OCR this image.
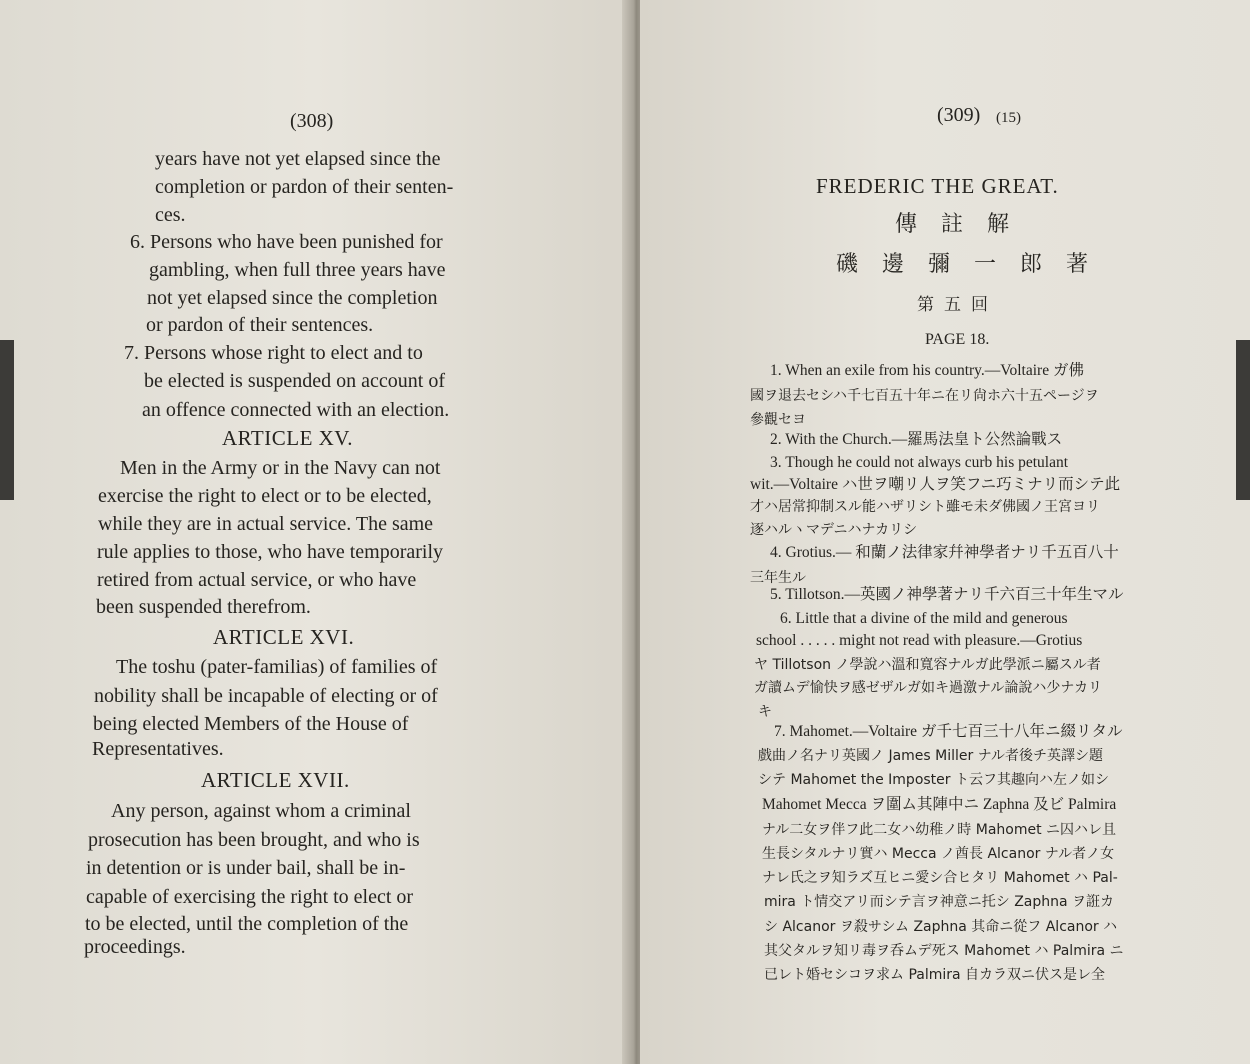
(308)
years have not yet elapsed since the
completion or pardon of their senten-
ces.
6. Persons who have been punished for
gambling, when full three years have
not yet elapsed since the completion
or pardon of their sentences.
7. Persons whose right to elect and to
be elected is suspended on account of
an offence connected with an election.
ARTICLE XV.
Men in the Army or in the Navy can not
exercise the right to elect or to be elected,
while they are in actual service. The same
rule applies to those, who have temporarily
retired from actual service, or who have
been suspended therefrom.
ARTICLE XVI.
The toshu (pater-familias) of families of
nobility shall be incapable of electing or of
being elected Members of the House of
Representatives.
ARTICLE XVII.
Any person, against whom a criminal
prosecution has been brought, and who is
in detention or is under bail, shall be in-
capable of exercising the right to elect or
to be elected, until the completion of the
proceedings.
(309) (15)
FREDERIC THE GREAT.
傳註解
磯邊彌一郎著
第五回
PAGE 18.
1. When an exile from his country.—Voltaire ガ佛
國ヲ退去セシハ千七百五十年ニ在リ尙ホ六十五ページヲ
參觀セヨ
2. With the Church.—羅馬法皇ト公然論戰ス
3. Though he could not always curb his petulant
wit.—Voltaire ハ世ヲ嘲リ人ヲ笑フニ巧ミナリ而シテ此
才ハ居常抑制スル能ハザリシト雖モ未ダ佛國ノ王宮ヨリ
逐ハルヽマデニハナカリシ
4. Grotius.— 和蘭ノ法律家幷神學者ナリ千五百八十
三年生ル
5. Tillotson.—英國ノ神學著ナリ千六百三十年生マル
6. Little that a divine of the mild and generous
school . . . . . might not read with pleasure.—Grotius
ヤ Tillotson ノ學說ハ溫和寬容ナルガ此學派ニ屬スル者
ガ讀ムデ愉快ヲ感ゼザルガ如キ過激ナル論說ハ少ナカリ
キ
7. Mahomet.—Voltaire ガ千七百三十八年ニ綴リタル
戲曲ノ名ナリ英國ノ James Miller ナル者後チ英譯シ題
シテ Mahomet the Imposter ト云フ其趣向ハ左ノ如シ
Mahomet Mecca ヲ圍ム其陣中ニ Zaphna 及ビ Palmira
ナル二女ヲ伴フ此二女ハ幼稚ノ時 Mahomet ニ囚ハレ且
生長シタルナリ實ハ Mecca ノ酋長 Alcanor ナル者ノ女
ナレ氏之ヲ知ラズ互ヒニ愛シ合ヒタリ Mahomet ハ Pal-
mira ト情交アリ而シテ言ヲ神意ニ托シ Zaphna ヲ誑カ
シ Alcanor ヲ殺サシム Zaphna 其命ニ從フ Alcanor ハ
其父タルヲ知リ毒ヲ呑ムデ死ス Mahomet ハ Palmira ニ
已レト婚セシコヲ求ム Palmira 自カラ双ニ伏ス是レ全
